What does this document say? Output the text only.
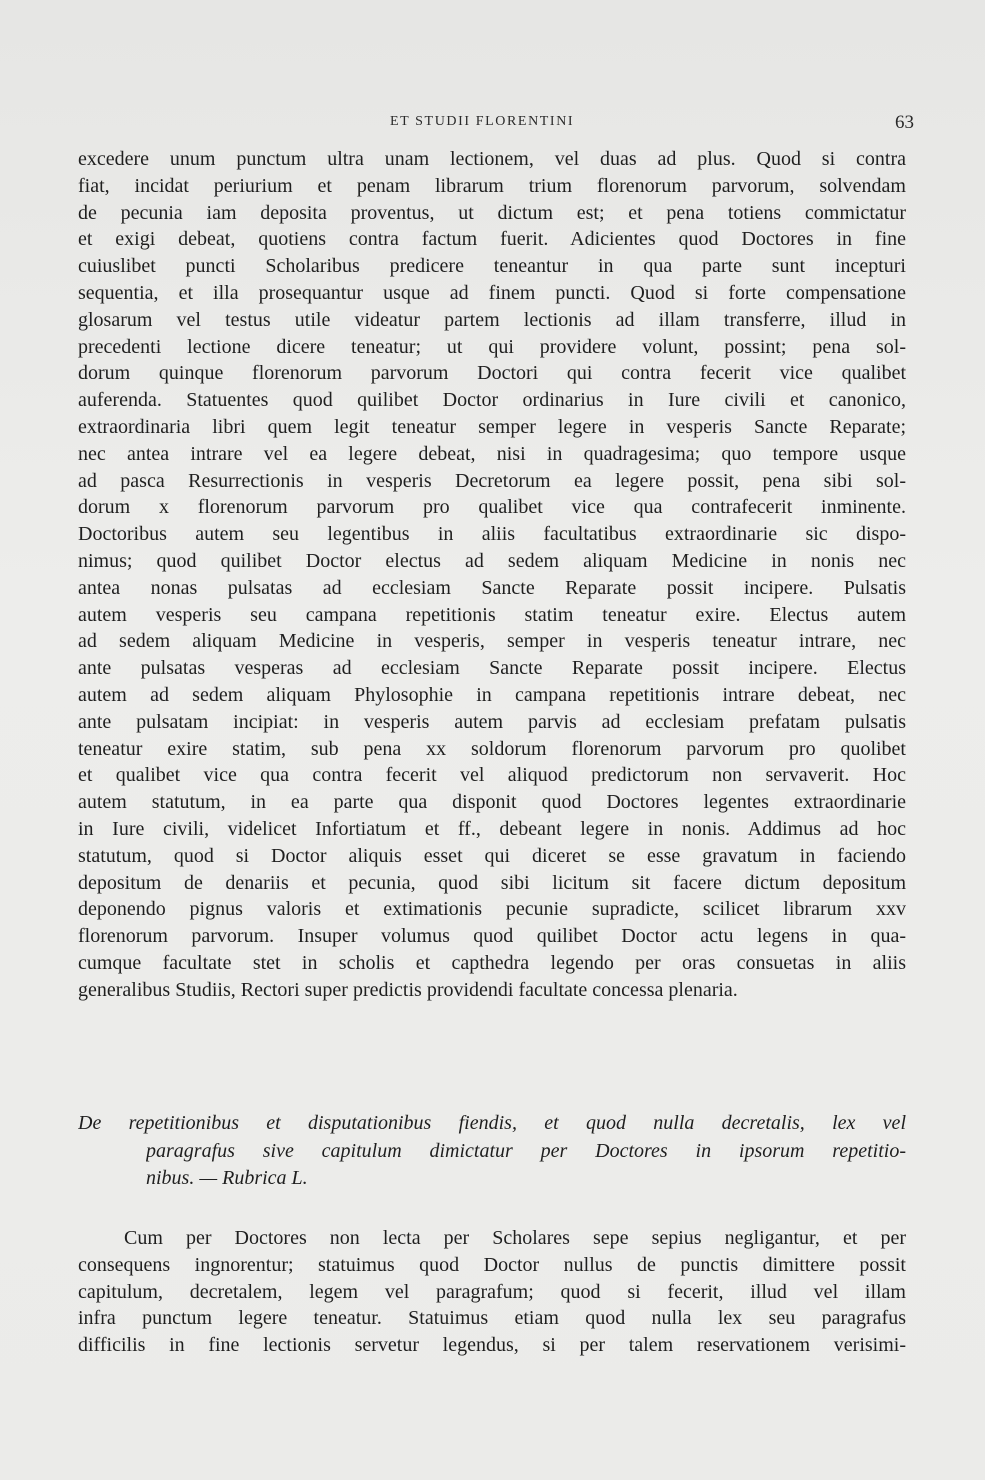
ET STUDII FLORENTINI	63
excedere unum punctum ultra unam lectionem, vel duas ad plus. Quod si contra
fiat, incidat periurium et penam librarum trium florenorum parvorum, solvendam
de pecunia iam deposita proventus, ut dictum est; et pena totiens commictatur
et exigi debeat, quotiens contra factum fuerit. Adicientes quod Doctores in fine
cuiuslibet puncti Scholaribus predicere teneantur in qua parte sunt incepturi
sequentia, et illa prosequantur usque ad finem puncti. Quod si forte compensatione
glosarum vel testus utile videatur partem lectionis ad illam transferre, illud in
precedenti lectione dicere teneatur; ut qui providere volunt, possint; pena sol-
dorum quinque florenorum parvorum Doctori qui contra fecerit vice qualibet
auferenda. Statuentes quod quilibet Doctor ordinarius in Iure civili et canonico,
extraordinaria libri quem legit teneatur semper legere in vesperis Sancte Reparate;
nec antea intrare vel ea legere debeat, nisi in quadragesima; quo tempore usque
ad pasca Resurrectionis in vesperis Decretorum ea legere possit, pena sibi sol-
dorum x florenorum parvorum pro qualibet vice qua contrafecerit inminente.
Doctoribus autem seu legentibus in aliis facultatibus extraordinarie sic dispo-
nimus; quod quilibet Doctor electus ad sedem aliquam Medicine in nonis nec
antea nonas pulsatas ad ecclesiam Sancte Reparate possit incipere. Pulsatis
autem vesperis seu campana repetitionis statim teneatur exire. Electus autem
ad sedem aliquam Medicine in vesperis, semper in vesperis teneatur intrare, nec
ante pulsatas vesperas ad ecclesiam Sancte Reparate possit incipere. Electus
autem ad sedem aliquam Phylosophie in campana repetitionis intrare debeat, nec
ante pulsatam incipiat: in vesperis autem parvis ad ecclesiam prefatam pulsatis
teneatur exire statim, sub pena xx soldorum florenorum parvorum pro quolibet
et qualibet vice qua contra fecerit vel aliquod predictorum non servaverit. Hoc
autem statutum, in ea parte qua disponit quod Doctores legentes extraordinarie
in Iure civili, videlicet Infortiatum et ff., debeant legere in nonis. Addimus ad hoc
statutum, quod si Doctor aliquis esset qui diceret se esse gravatum in faciendo
depositum de denariis et pecunia, quod sibi licitum sit facere dictum depositum
deponendo pignus valoris et extimationis pecunie supradicte, scilicet librarum xxv
florenorum parvorum. Insuper volumus quod quilibet Doctor actu legens in qua-
cumque facultate stet in scholis et capthedra legendo per oras consuetas in aliis
generalibus Studiis, Rectori super predictis providendi facultate concessa plenaria.
De repetitionibus et disputationibus fiendis, et quod nulla decretalis, lex vel
paragrafus sive capitulum dimictatur per Doctores in ipsorum repetitio-
nibus. — Rubrica L.
Cum per Doctores non lecta per Scholares sepe sepius negligantur, et per
consequens ingnorentur; statuimus quod Doctor nullus de punctis dimittere possit
capitulum, decretalem, legem vel paragrafum; quod si fecerit, illud vel illam
infra punctum legere teneatur. Statuimus etiam quod nulla lex seu paragrafus
difficilis in fine lectionis servetur legendus, si per talem reservationem verisimi-
